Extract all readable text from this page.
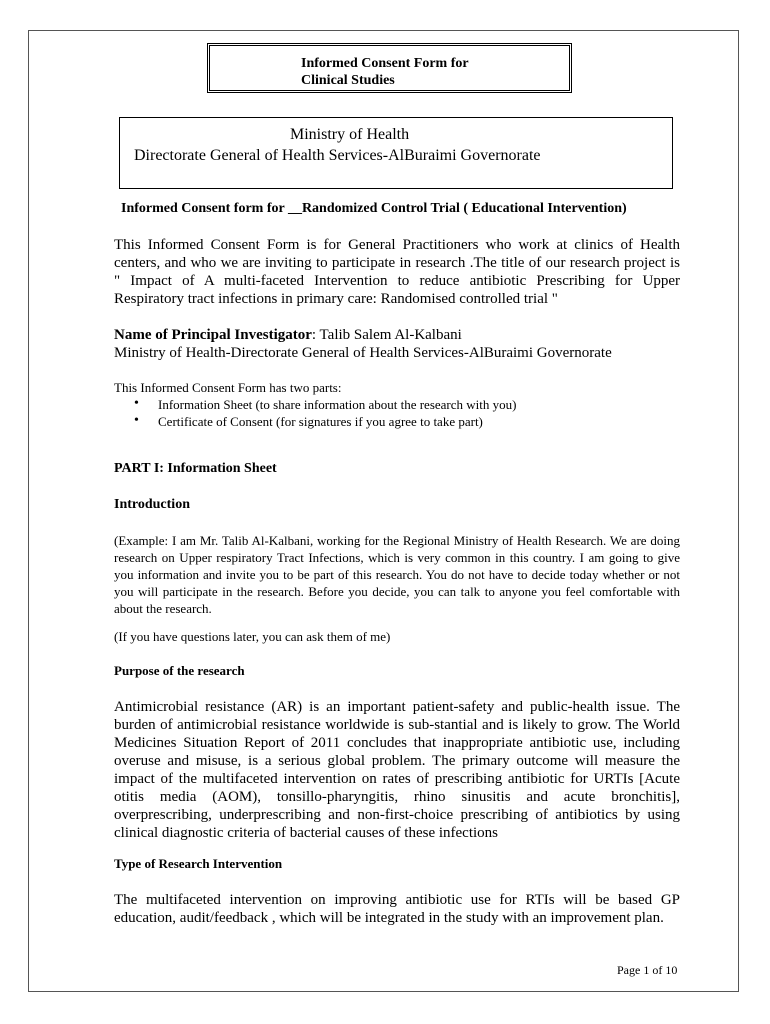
Informed Consent Form for
Clinical Studies
Ministry of Health
Directorate General of Health Services-AlBuraimi Governorate
Informed Consent form for __Randomized Control Trial ( Educational Intervention)
This Informed Consent Form is for General Practitioners who work at clinics of Health centers, and who we are inviting to participate in research .The title of our research project is " Impact of A multi-faceted Intervention to reduce antibiotic Prescribing for Upper Respiratory tract infections in primary care: Randomised controlled trial "
Name of Principal Investigator: Talib Salem Al-Kalbani
Ministry of Health-Directorate General of Health Services-AlBuraimi Governorate
This Informed Consent Form has two parts:
• Information Sheet (to share information about the research with you)
• Certificate of Consent (for signatures if you agree to take part)
PART I: Information Sheet
Introduction
(Example: I am Mr. Talib Al-Kalbani, working for the Regional Ministry of Health Research. We are doing research on Upper respiratory Tract Infections, which is very common in this country. I am going to give you information and invite you to be part of this research. You do not have to decide today whether or not you will participate in the research. Before you decide, you can talk to anyone you feel comfortable with about the research.
(If you have questions later, you can ask them of me)
Purpose of the research
Antimicrobial resistance (AR) is an important patient-safety and public-health issue. The burden of antimicrobial resistance worldwide is sub-stantial and is likely to grow. The World Medicines Situation Report of 2011 concludes that inappropriate antibiotic use, including overuse and misuse, is a serious global problem. The primary outcome will measure the impact of the multifaceted intervention on rates of prescribing antibiotic for URTIs [Acute otitis media (AOM), tonsillo-pharyngitis, rhino sinusitis and acute bronchitis], overprescribing, underprescribing and non-first-choice prescribing of antibiotics by using clinical diagnostic criteria of bacterial causes of these infections
Type of Research Intervention
The multifaceted intervention on improving antibiotic use for RTIs will be based GP education, audit/feedback , which will be integrated in the study with an improvement plan.
Page 1 of 10
